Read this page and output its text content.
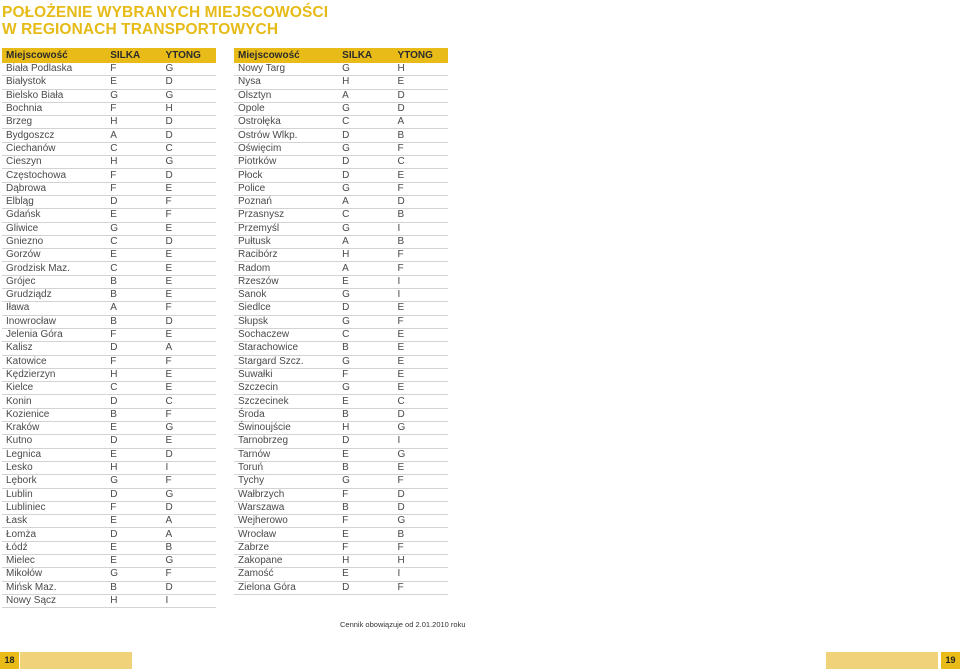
POŁOŻENIE WYBRANYCH MIEJSCOWOŚCI
W REGIONACH TRANSPORTOWYCH
Miejscowość	SILKA	YTONG
Biała Podlaska	F	G
Białystok	E	D
Bielsko Biała	G	G
Bochnia	F	H
Brzeg	H	D
Bydgoszcz	A	D
Ciechanów	C	C
Cieszyn	H	G
Częstochowa	F	D
Dąbrowa	F	E
Elbląg	D	F
Gdańsk	E	F
Gliwice	G	E
Gniezno	C	D
Gorzów	E	E
Grodzisk Maz.	C	E
Grójec	B	E
Grudziądz	B	E
Iława	A	F
Inowrocław	B	D
Jelenia Góra	F	E
Kalisz	D	A
Katowice	F	F
Kędzierzyn	H	E
Kielce	C	E
Konin	D	C
Kozienice	B	F
Kraków	E	G
Kutno	D	E
Legnica	E	D
Lesko	H	I
Lębork	G	F
Lublin	D	G
Lubliniec	F	D
Łask	E	A
Łomża	D	A
Łódź	E	B
Mielec	E	G
Mikołów	G	F
Mińsk Maz.	B	D
Nowy Sącz	H	I
Miejscowość	SILKA	YTONG
Nowy Targ	G	H
Nysa	H	E
Olsztyn	A	D
Opole	G	D
Ostrołęka	C	A
Ostrów Wlkp.	D	B
Oświęcim	G	F
Piotrków	D	C
Płock	D	E
Police	G	F
Poznań	A	D
Przasnysz	C	B
Przemyśl	G	I
Pułtusk	A	B
Racibórz	H	F
Radom	A	F
Rzeszów	E	I
Sanok	G	I
Siedlce	D	E
Słupsk	G	F
Sochaczew	C	E
Starachowice	B	E
Stargard Szcz.	G	E
Suwałki	F	E
Szczecin	G	E
Szczecinek	E	C
Środa	B	D
Świnoujście	H	G
Tarnobrzeg	D	I
Tarnów	E	G
Toruń	B	E
Tychy	G	F
Wałbrzych	F	D
Warszawa	B	D
Wejherowo	F	G
Wrocław	E	B
Zabrze	F	F
Zakopane	H	H
Zamość	E	I
Zielona Góra	D	F
Cennik obowiązuje od 2.01.2010 roku
18	19
